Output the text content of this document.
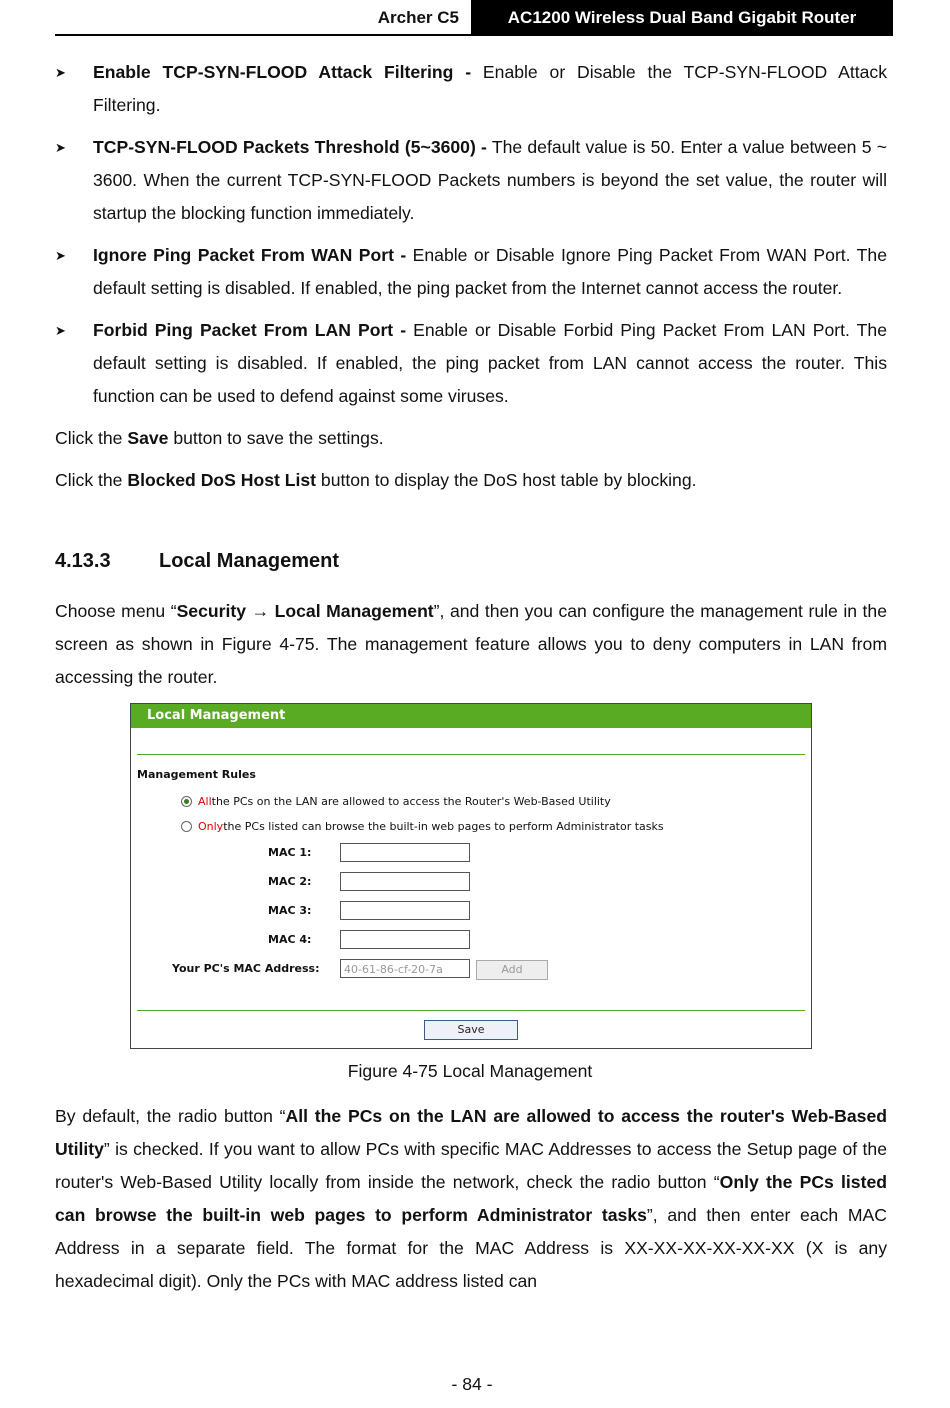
Archer C5	AC1200 Wireless Dual Band Gigabit Router
➤ Enable TCP-SYN-FLOOD Attack Filtering - Enable or Disable the TCP-SYN-FLOOD Attack Filtering.
➤ TCP-SYN-FLOOD Packets Threshold (5~3600) - The default value is 50. Enter a value between 5 ~ 3600. When the current TCP-SYN-FLOOD Packets numbers is beyond the set value, the router will startup the blocking function immediately.
➤ Ignore Ping Packet From WAN Port - Enable or Disable Ignore Ping Packet From WAN Port. The default setting is disabled. If enabled, the ping packet from the Internet cannot access the router.
➤ Forbid Ping Packet From LAN Port - Enable or Disable Forbid Ping Packet From LAN Port. The default setting is disabled. If enabled, the ping packet from LAN cannot access the router. This function can be used to defend against some viruses.
Click the Save button to save the settings.
Click the Blocked DoS Host List button to display the DoS host table by blocking.
4.13.3 Local Management
Choose menu “Security → Local Management”, and then you can configure the management rule in the screen as shown in Figure 4-75. The management feature allows you to deny computers in LAN from accessing the router.
Local Management
Management Rules
All the PCs on the LAN are allowed to access the Router's Web-Based Utility
Only the PCs listed can browse the built-in web pages to perform Administrator tasks
MAC 1:
MAC 2:
MAC 3:
MAC 4:
Your PC's MAC Address:	40-61-86-cf-20-7a	Add
Save
Figure 4-75 Local Management
By default, the radio button “All the PCs on the LAN are allowed to access the router's Web-Based Utility” is checked. If you want to allow PCs with specific MAC Addresses to access the Setup page of the router's Web-Based Utility locally from inside the network, check the radio button “Only the PCs listed can browse the built-in web pages to perform Administrator tasks”, and then enter each MAC Address in a separate field. The format for the MAC Address is XX-XX-XX-XX-XX-XX (X is any hexadecimal digit). Only the PCs with MAC address listed can
- 84 -
